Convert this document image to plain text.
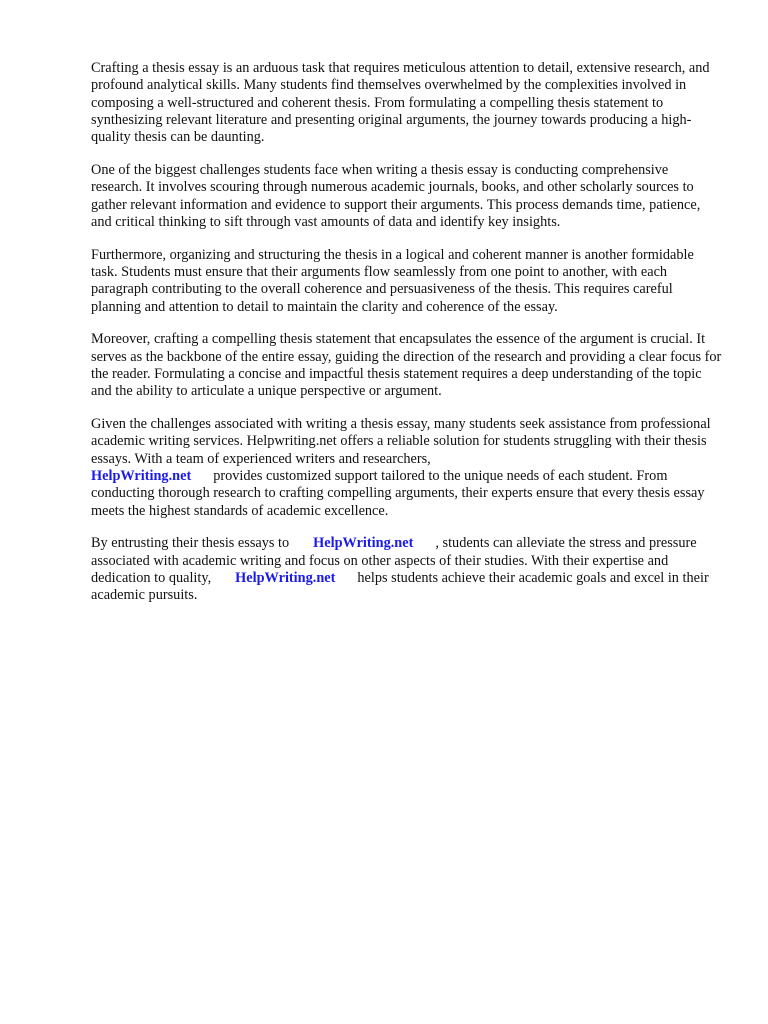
Crafting a thesis essay is an arduous task that requires meticulous attention to detail, extensive research, and profound analytical skills. Many students find themselves overwhelmed by the complexities involved in composing a well-structured and coherent thesis. From formulating a compelling thesis statement to synthesizing relevant literature and presenting original arguments, the journey towards producing a high-quality thesis can be daunting.

One of the biggest challenges students face when writing a thesis essay is conducting comprehensive research. It involves scouring through numerous academic journals, books, and other scholarly sources to gather relevant information and evidence to support their arguments. This process demands time, patience, and critical thinking to sift through vast amounts of data and identify key insights.

Furthermore, organizing and structuring the thesis in a logical and coherent manner is another formidable task. Students must ensure that their arguments flow seamlessly from one point to another, with each paragraph contributing to the overall coherence and persuasiveness of the thesis. This requires careful planning and attention to detail to maintain the clarity and coherence of the essay.

Moreover, crafting a compelling thesis statement that encapsulates the essence of the argument is crucial. It serves as the backbone of the entire essay, guiding the direction of the research and providing a clear focus for the reader. Formulating a concise and impactful thesis statement requires a deep understanding of the topic and the ability to articulate a unique perspective or argument.

Given the challenges associated with writing a thesis essay, many students seek assistance from professional academic writing services. Helpwriting.net offers a reliable solution for students struggling with their thesis essays. With a team of experienced writers and researchers,
HelpWriting.net provides customized support tailored to the unique needs of each student. From conducting thorough research to crafting compelling arguments, their experts ensure that every thesis essay meets the highest standards of academic excellence.

By entrusting their thesis essays to HelpWriting.net , students can alleviate the stress and pressure associated with academic writing and focus on other aspects of their studies. With their expertise and dedication to quality, HelpWriting.net helps students achieve their academic goals and excel in their academic pursuits.
